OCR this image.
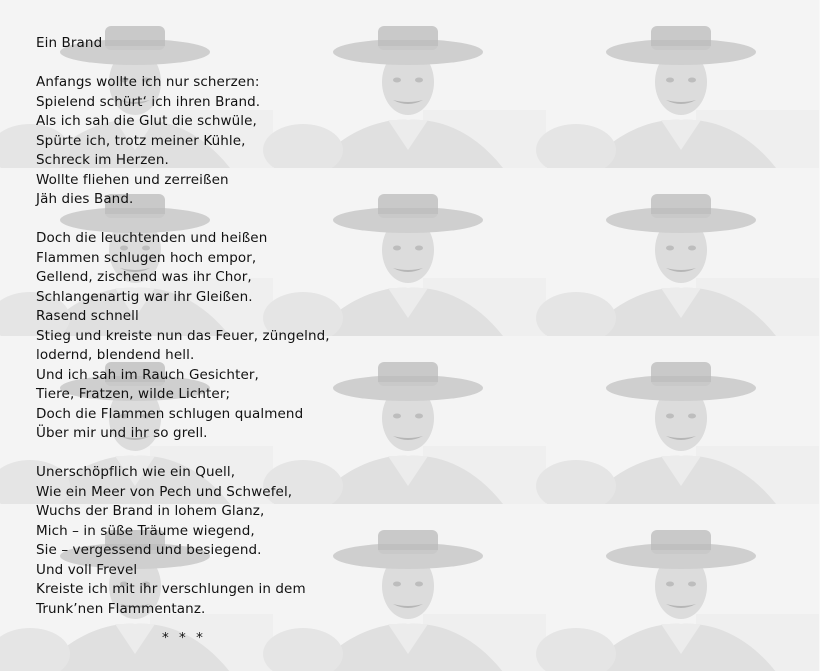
Ein Brand
Anfangs wollte ich nur scherzen:
Spielend schürt‘ ich ihren Brand.
Als ich sah die Glut die schwüle,
Spürte ich, trotz meiner Kühle,
Schreck im Herzen.
Wollte fliehen und zerreißen
Jäh dies Band.
Doch die leuchtenden und heißen
Flammen schlugen hoch empor,
Gellend, zischend was ihr Chor,
Schlangenartig war ihr Gleißen.
Rasend schnell
Stieg und kreiste nun das Feuer, züngelnd,
lodernd, blendend hell.
Und ich sah im Rauch Gesichter,
Tiere, Fratzen, wilde Lichter;
Doch die Flammen schlugen qualmend
Über mir und ihr so grell.
Unerschöpflich wie ein Quell,
Wie ein Meer von Pech und Schwefel,
Wuchs der Brand in lohem Glanz,
Mich – in süße Träume wiegend,
Sie – vergessend und besiegend.
Und voll Frevel
Kreiste ich mit ihr verschlungen in dem
Trunk’nen Flammentanz.
* * *
